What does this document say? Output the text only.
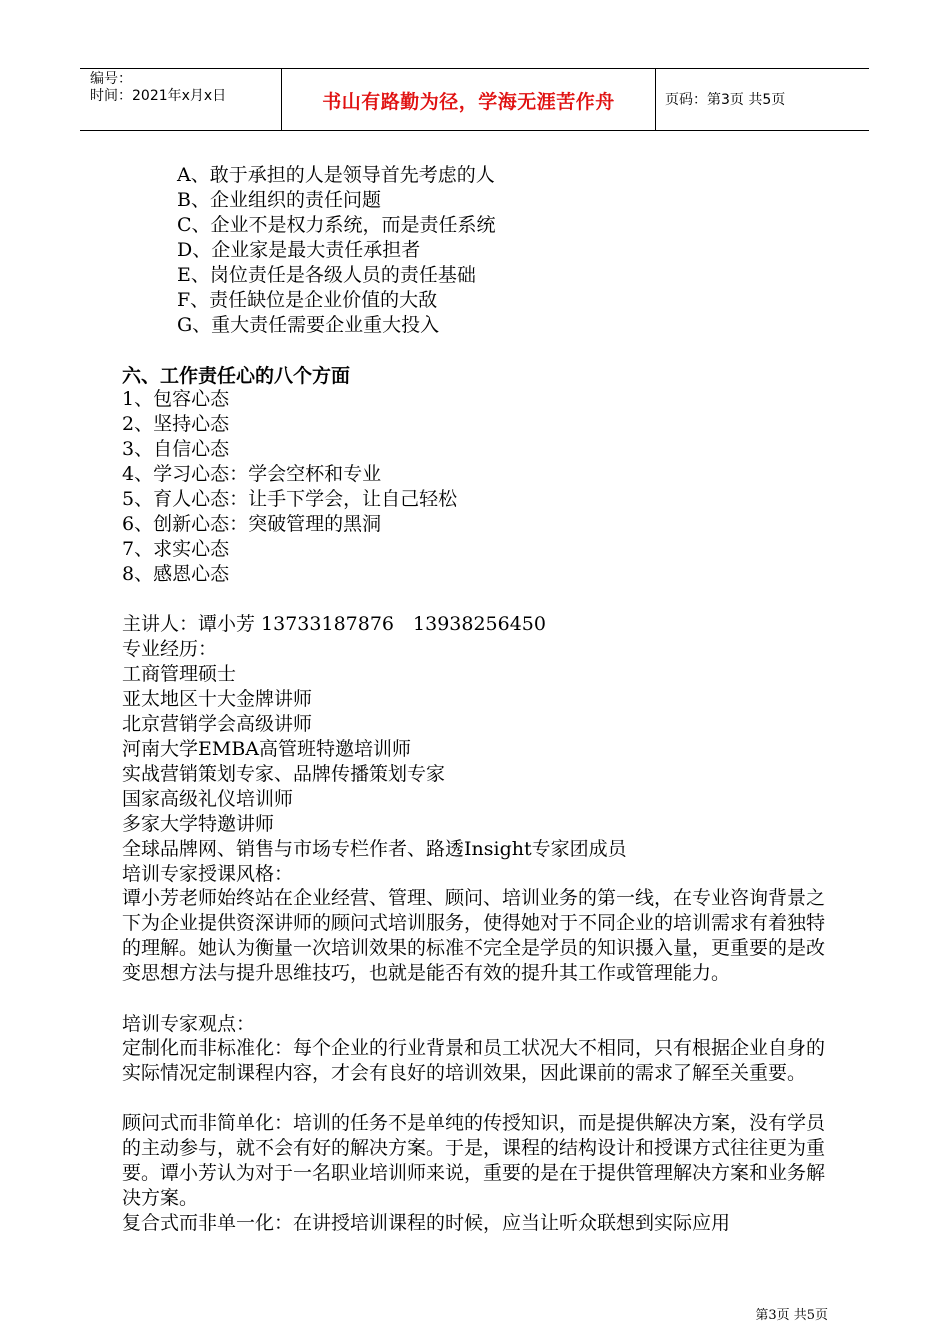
编号：
时间：2021年x月x日	书山有路勤为径，学海无涯苦作舟	页码：第3页 共5页
A、敢于承担的人是领导首先考虑的人
B、企业组织的责任问题
C、企业不是权力系统，而是责任系统
D、企业家是最大责任承担者
E、岗位责任是各级人员的责任基础
F、责任缺位是企业价值的大敌
G、重大责任需要企业重大投入
六、工作责任心的八个方面
1、包容心态
2、坚持心态
3、自信心态
4、学习心态：学会空杯和专业
5、育人心态：让手下学会，让自己轻松
6、创新心态：突破管理的黑洞
7、求实心态
8、感恩心态
主讲人：谭小芳 13733187876　13938256450
专业经历：
工商管理硕士
亚太地区十大金牌讲师
北京营销学会高级讲师
河南大学EMBA高管班特邀培训师
实战营销策划专家、品牌传播策划专家
国家高级礼仪培训师
多家大学特邀讲师
全球品牌网、销售与市场专栏作者、路透Insight专家团成员
培训专家授课风格：
谭小芳老师始终站在企业经营、管理、顾问、培训业务的第一线，在专业咨询背景之下为企业提供资深讲师的顾问式培训服务，使得她对于不同企业的培训需求有着独特的理解。她认为衡量一次培训效果的标准不完全是学员的知识摄入量，更重要的是改变思想方法与提升思维技巧，也就是能否有效的提升其工作或管理能力。
培训专家观点：
定制化而非标准化：每个企业的行业背景和员工状况大不相同，只有根据企业自身的实际情况定制课程内容，才会有良好的培训效果，因此课前的需求了解至关重要。
顾问式而非简单化：培训的任务不是单纯的传授知识，而是提供解决方案，没有学员的主动参与，就不会有好的解决方案。于是，课程的结构设计和授课方式往往更为重要。谭小芳认为对于一名职业培训师来说，重要的是在于提供管理解决方案和业务解决方案。
复合式而非单一化：在讲授培训课程的时候，应当让听众联想到实际应用
第3页 共5页
